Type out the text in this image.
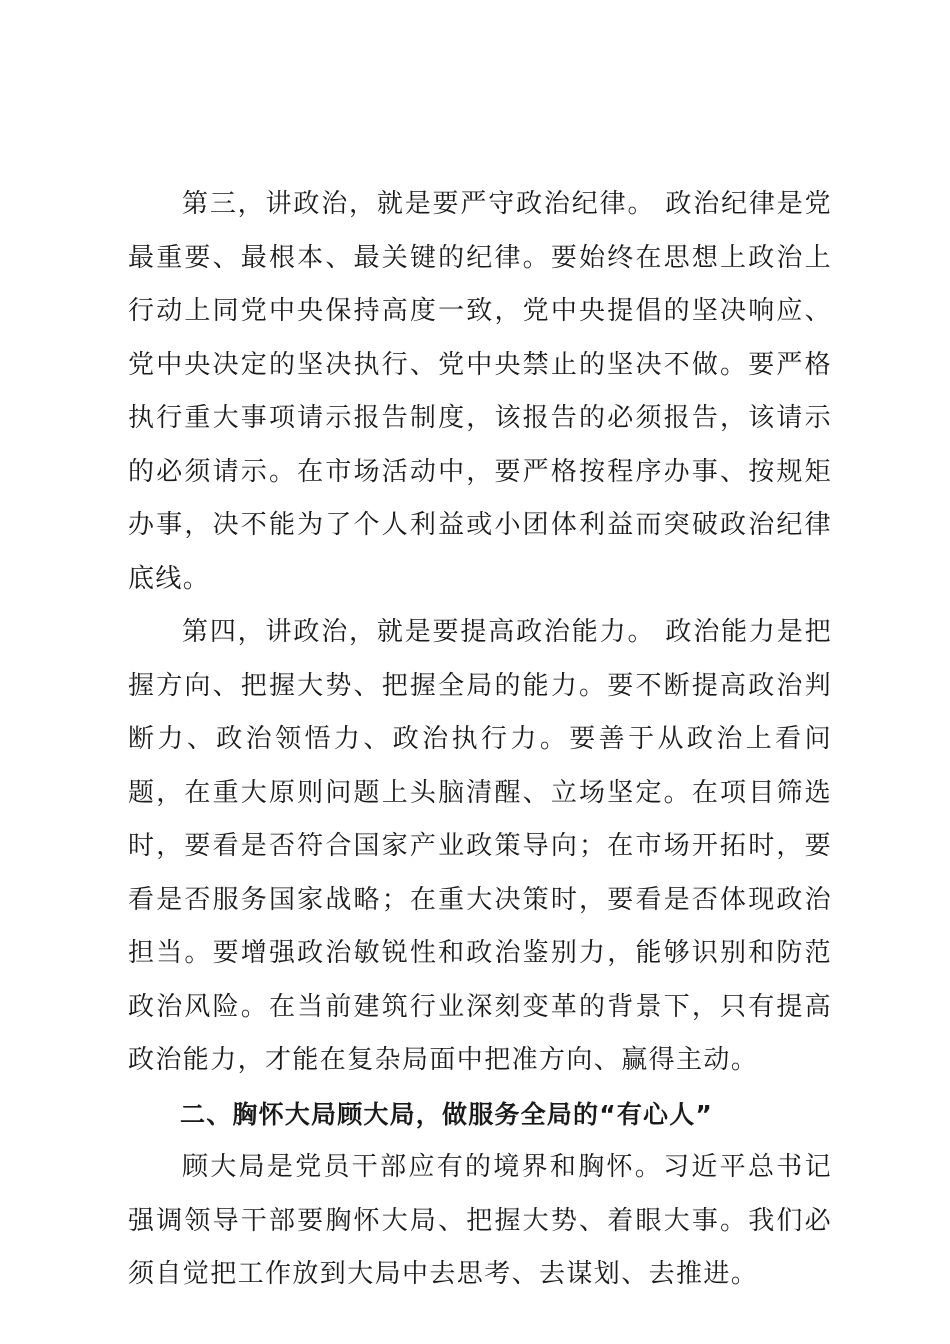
第三，讲政治，就是要严守政治纪律。 政治纪律是党最重要、最根本、最关键的纪律。要始终在思想上政治上行动上同党中央保持高度一致，党中央提倡的坚决响应、党中央决定的坚决执行、党中央禁止的坚决不做。要严格执行重大事项请示报告制度，该报告的必须报告，该请示的必须请示。在市场活动中，要严格按程序办事、按规矩办事，决不能为了个人利益或小团体利益而突破政治纪律底线。

第四，讲政治，就是要提高政治能力。 政治能力是把握方向、把握大势、把握全局的能力。要不断提高政治判断力、政治领悟力、政治执行力。要善于从政治上看问题，在重大原则问题上头脑清醒、立场坚定。在项目筛选时，要看是否符合国家产业政策导向；在市场开拓时，要看是否服务国家战略；在重大决策时，要看是否体现政治担当。要增强政治敏锐性和政治鉴别力，能够识别和防范政治风险。在当前建筑行业深刻变革的背景下，只有提高政治能力，才能在复杂局面中把准方向、赢得主动。

二、胸怀大局顾大局，做服务全局的“有心人”

顾大局是党员干部应有的境界和胸怀。习近平总书记强调领导干部要胸怀大局、把握大势、着眼大事。我们必须自觉把工作放到大局中去思考、去谋划、去推进。
